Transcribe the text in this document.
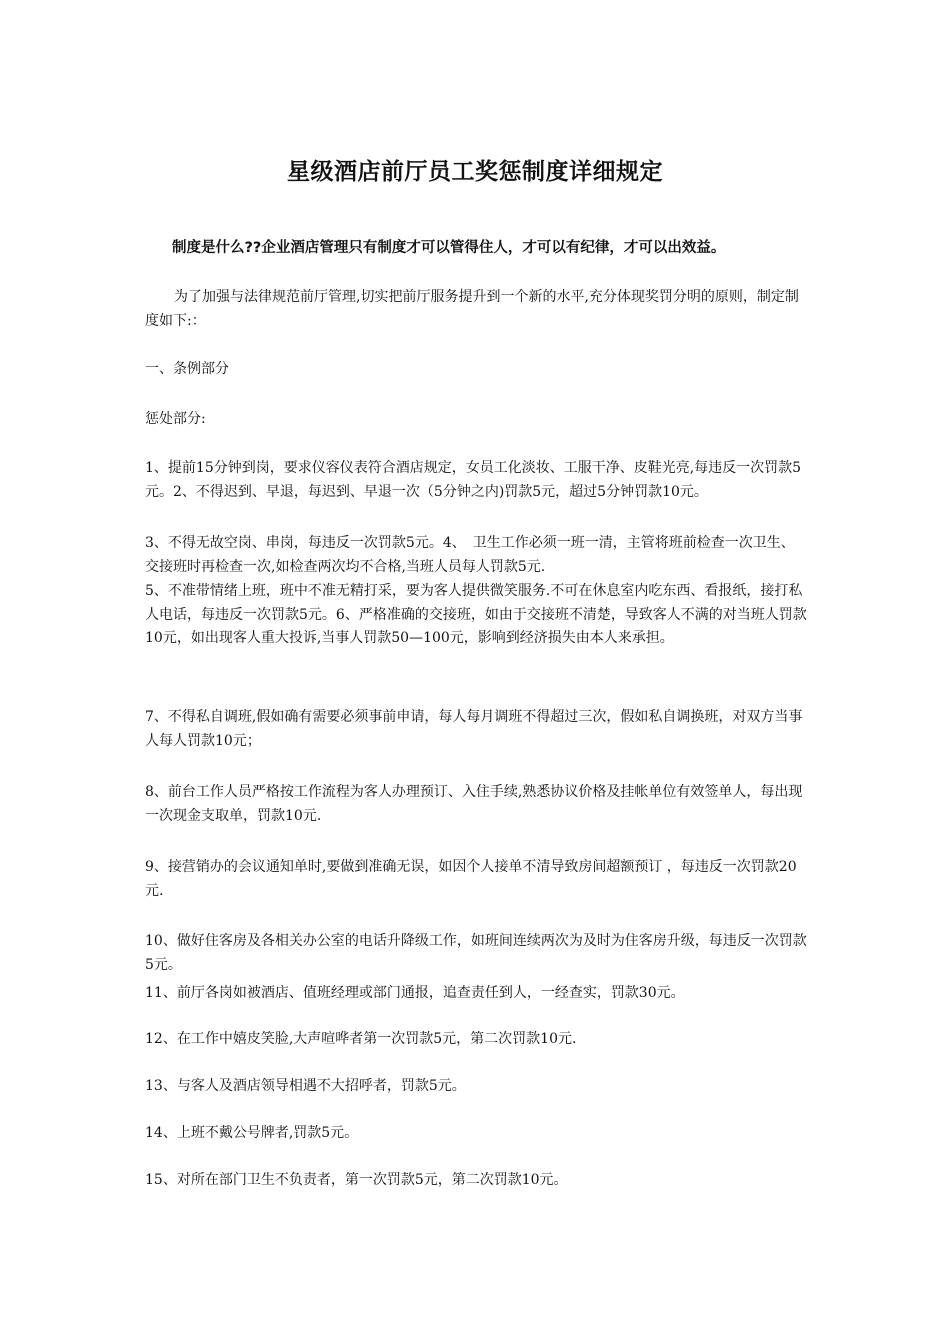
星级酒店前厅员工奖惩制度详细规定

制度是什么??企业酒店管理只有制度才可以管得住人，才可以有纪律，才可以出效益。

为了加强与法律规范前厅管理,切实把前厅服务提升到一个新的水平,充分体现奖罚分明的原则，制定制度如下:：

一、条例部分

惩处部分:

1、提前15分钟到岗，要求仪容仪表符合酒店规定，女员工化淡妆、工服干净、皮鞋光亮,每违反一次罚款5元。2、不得迟到、早退，每迟到、早退一次（5分钟之内)罚款5元，超过5分钟罚款10元。

3、不得无故空岗、串岗，每违反一次罚款5元。4、　卫生工作必须一班一清，主管将班前检查一次卫生、交接班时再检查一次,如检查两次均不合格,当班人员每人罚款5元.

5、不准带情绪上班，班中不准无精打采，要为客人提供微笑服务.不可在休息室内吃东西、看报纸，接打私人电话，每违反一次罚款5元。6、严格准确的交接班，如由于交接班不清楚，导致客人不满的对当班人罚款10元，如出现客人重大投诉,当事人罚款50—100元，影响到经济损失由本人来承担。

7、不得私自调班,假如确有需要必须事前申请，每人每月调班不得超过三次，假如私自调换班，对双方当事人每人罚款10元；

8、前台工作人员严格按工作流程为客人办理预订、入住手续,熟悉协议价格及挂帐单位有效签单人，每出现一次现金支取单，罚款10元.

9、接营销办的会议通知单时,要做到准确无误，如因个人接单不清导致房间超额预订 ，每违反一次罚款20元.

10、做好住客房及各相关办公室的电话升降级工作，如班间连续两次为及时为住客房升级，每违反一次罚款5元。

11、前厅各岗如被酒店、值班经理或部门通报，追查责任到人，一经查实，罚款30元。

12、在工作中嬉皮笑脸,大声喧哗者第一次罚款5元，第二次罚款10元.

13、与客人及酒店领导相遇不大招呼者，罚款5元。

14、上班不戴公号牌者,罚款5元。

15、对所在部门卫生不负责者，第一次罚款5元，第二次罚款10元。
